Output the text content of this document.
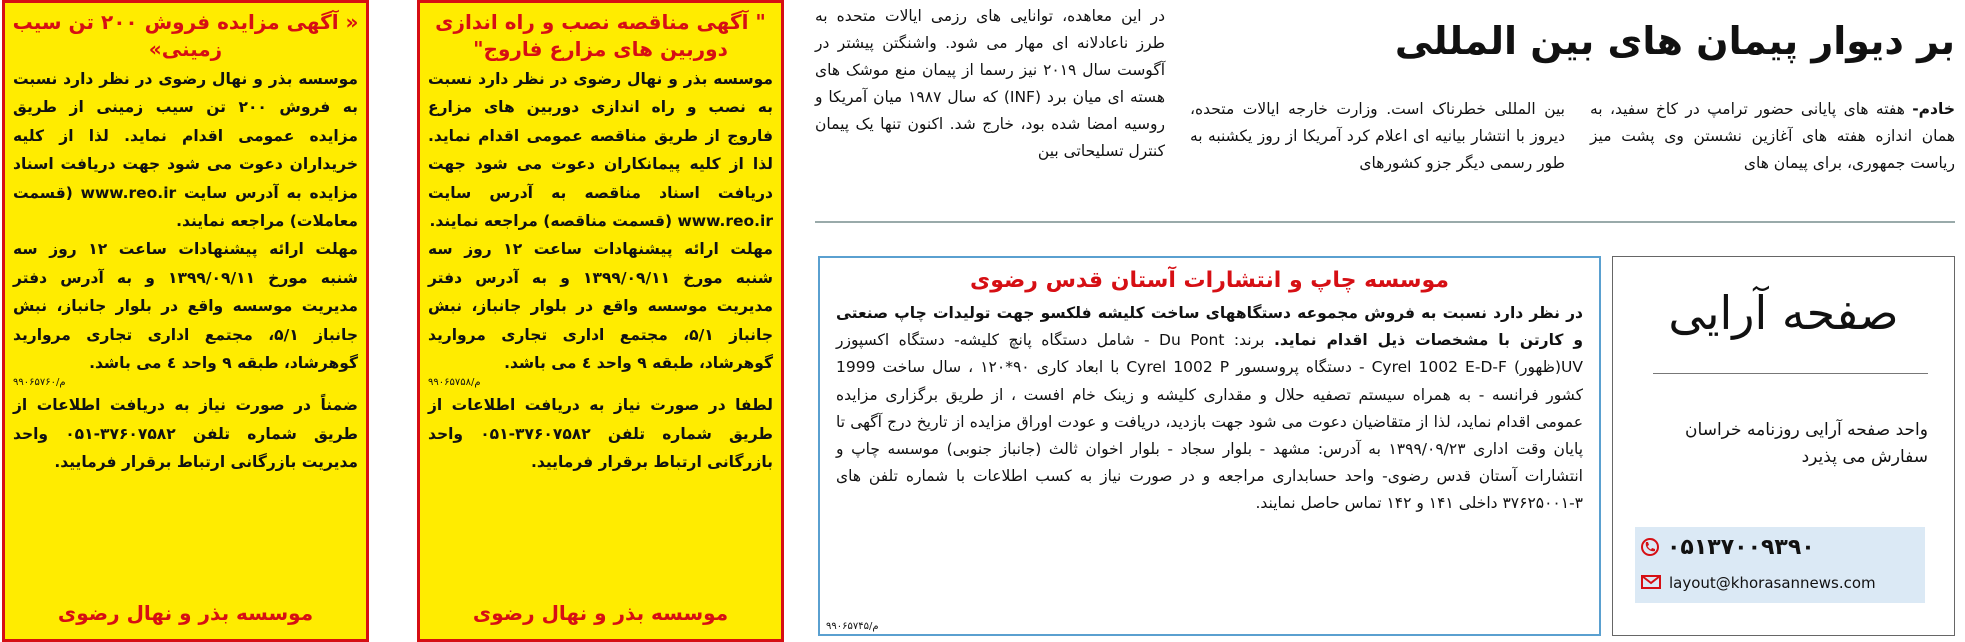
« آگهی مزایده فروش ۲۰۰ تن سیب زمینی»

موسسه بذر و نهال رضوی در نظر دارد نسبت به فروش ۲۰۰ تن سیب زمینی از طریق مزایده عمومی اقدام نماید. لذا از کلیه خریداران دعوت می شود جهت دریافت اسناد مزایده به آدرس سایت www.reo.ir (قسمت معاملات) مراجعه نمایند.

مهلت ارائه پیشنهادات ساعت ۱۲ روز سه شنبه مورخ ۱۳۹۹/۰۹/۱۱ و به آدرس دفتر مدیریت موسسه واقع در بلوار جانباز، نبش جانباز ۵/۱، مجتمع اداری تجاری مروارید گوهرشاد، طبقه ۹ واحد ٤ می باشد.

۹۹۰۶۵۷۶۰/م

ضمناً در صورت نیاز به دریافت اطلاعات از طریق شماره تلفن ۳۷۶۰۷۵۸۲-۰۵۱ واحد مدیریت بازرگانی ارتباط برقرار فرمایید.

موسسه بذر و نهال رضوی
" آگهی مناقصه نصب و راه اندازی دوربین های مزارع فاروج"

موسسه بذر و نهال رضوی در نظر دارد نسبت به نصب و راه اندازی دوربین های مزارع فاروج از طریق مناقصه عمومی اقدام نماید. لذا از کلیه پیمانکاران دعوت می شود جهت دریافت اسناد مناقصه به آدرس سایت www.reo.ir (قسمت مناقصه) مراجعه نمایند.

مهلت ارائه پیشنهادات ساعت ۱۲ روز سه شنبه مورخ ۱۳۹۹/۰۹/۱۱ و به آدرس دفتر مدیریت موسسه واقع در بلوار جانباز، نبش جانباز ۵/۱، مجتمع اداری تجاری مروارید گوهرشاد، طبقه ۹ واحد ٤ می باشد.

۹۹۰۶۵۷۵۸/م

لطفا در صورت نیاز به دریافت اطلاعات از طریق شماره تلفن ۳۷۶۰۷۵۸۲-۰۵۱ واحد بازرگانی ارتباط برقرار فرمایید.

موسسه بذر و نهال رضوی
بر دیوار پیمان های بین المللی
خادم- هفته های پایانی حضور ترامپ در کاخ سفید، به همان اندازه هفته های آغازین نشستن وی پشت میز ریاست جمهوری، برای پیمان های
بین المللی خطرناک است. وزارت خارجه ایالات متحده، دیروز با انتشار بیانیه ای اعلام کرد آمریکا از روز یکشنبه به طور رسمی دیگر جزو کشورهای
در این معاهده، توانایی های رزمی ایالات متحده به طرز ناعادلانه ای مهار می شود. واشنگتن پیشتر در آگوست سال ۲۰۱۹ نیز رسما از پیمان منع موشک های هسته ای میان برد (INF) که سال ۱۹۸۷ میان آمریکا و روسیه امضا شده بود، خارج شد. اکنون تنها یک پیمان کنترل تسلیحاتی بین
موسسه چاپ و انتشارات آستان قدس رضوی
در نظر دارد نسبت به فروش مجموعه دستگاههای ساخت کلیشه فلکسو جهت تولیدات چاپ صنعتی و کارتن با مشخصات ذیل اقدام نماید. برند: Du Pont - شامل دستگاه پانچ کلیشه- دستگاه اکسپوزر UV(ظهور) Cyrel 1002 E-D-F - دستگاه پروسسور Cyrel 1002 P با ابعاد کاری ۹۰*۱۲۰ ، سال ساخت 1999 کشور فرانسه - به همراه سیستم تصفیه حلال و مقداری کلیشه و زینک خام افست ، از طریق برگزاری مزایده عمومی اقدام نماید، لذا از متقاضیان دعوت می شود جهت بازدید، دریافت و عودت اوراق مزایده از تاریخ درج آگهی تا پایان وقت اداری ۱۳۹۹/۰۹/۲۳ به آدرس: مشهد - بلوار سجاد - بلوار اخوان ثالث (جانباز جنوبی) موسسه چاپ و انتشارات آستان قدس رضوی- واحد حسابداری مراجعه و در صورت نیاز به کسب اطلاعات با شماره تلفن های ۳-۳۷۶۲۵۰۰۱ داخلی ۱۴۱ و ۱۴۲ تماس حاصل نمایند.
۹۹۰۶۵۷۴۵/م
صفحه آرایی
واحد صفحه آرایی روزنامه خراسان سفارش می پذیرد
۰۵۱۳۷۰۰۹۳۹۰
layout@khorasannews.com
